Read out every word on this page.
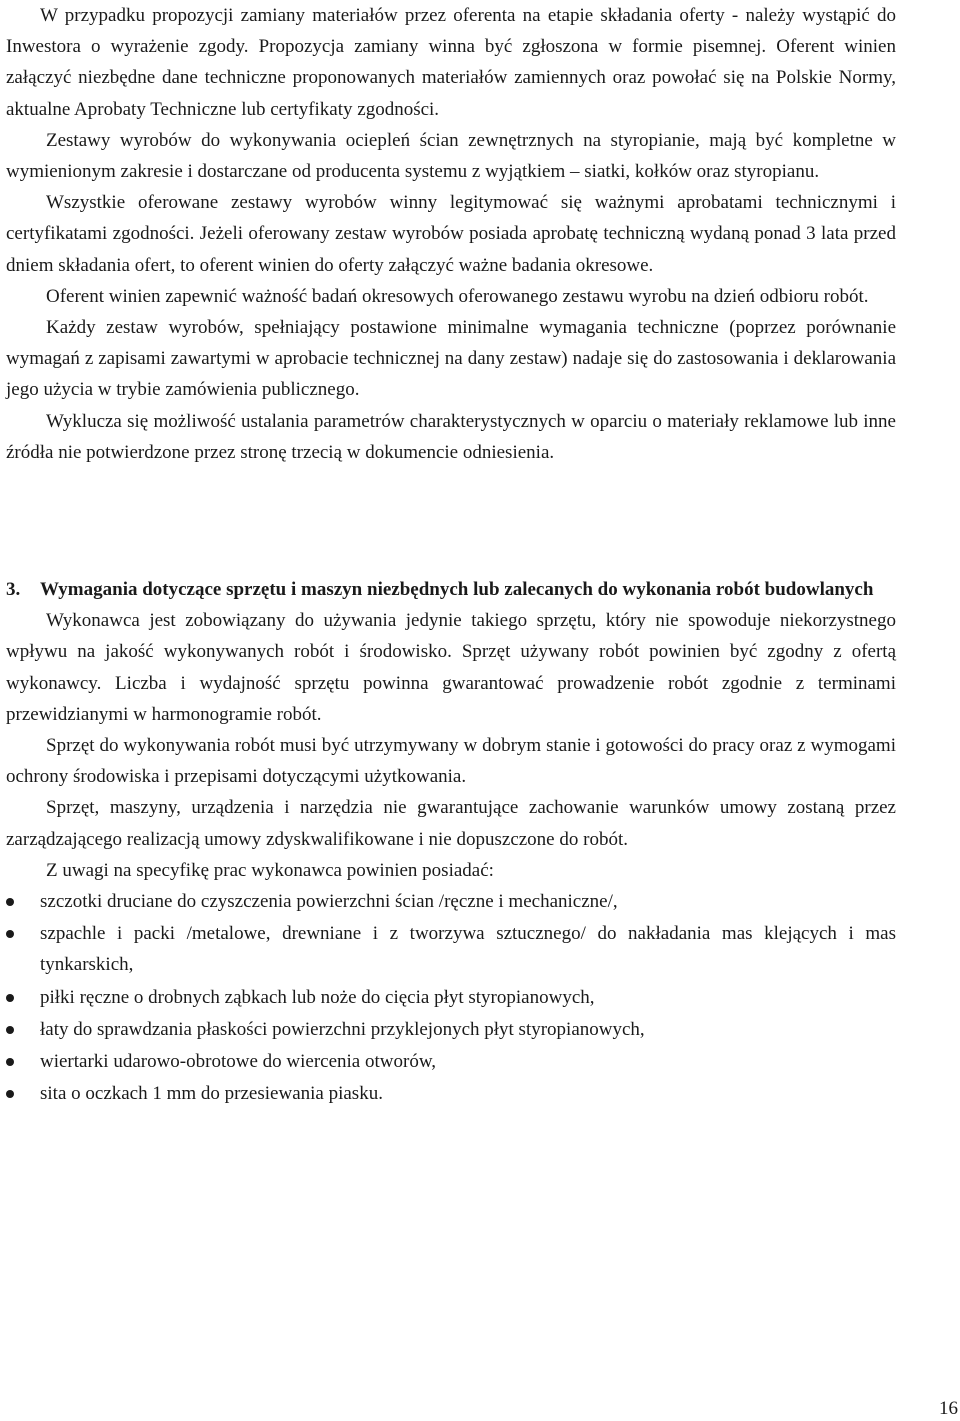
W przypadku propozycji zamiany materiałów przez oferenta na etapie składania oferty - należy wystąpić do Inwestora o wyrażenie zgody. Propozycja zamiany winna być zgłoszona w formie pisemnej. Oferent winien załączyć niezbędne dane techniczne proponowanych materiałów zamiennych oraz powołać się na Polskie Normy, aktualne Aprobaty Techniczne lub certyfikaty zgodności.

Zestawy wyrobów do wykonywania ociepleń ścian zewnętrznych na styropianie, mają być kompletne w wymienionym zakresie i dostarczane od producenta systemu z wyjątkiem – siatki, kołków oraz styropianu.

Wszystkie oferowane zestawy wyrobów winny legitymować się ważnymi aprobatami technicznymi i certyfikatami zgodności. Jeżeli oferowany zestaw wyrobów posiada aprobatę techniczną wydaną ponad 3 lata przed dniem składania ofert, to oferent winien do oferty załączyć ważne badania okresowe.

Oferent winien zapewnić ważność badań okresowych oferowanego zestawu wyrobu na dzień odbioru robót.

Każdy zestaw wyrobów, spełniający postawione minimalne wymagania techniczne (poprzez porównanie wymagań z zapisami zawartymi w aprobacie technicznej na dany zestaw) nadaje się do zastosowania i deklarowania jego użycia w trybie zamówienia publicznego.

Wyklucza się możliwość ustalania parametrów charakterystycznych w oparciu o materiały reklamowe lub inne źródła nie potwierdzone przez stronę trzecią w dokumencie odniesienia.

3.	Wymagania dotyczące sprzętu i maszyn niezbędnych lub zalecanych do wykonania robót budowlanych

Wykonawca jest zobowiązany do używania jedynie takiego sprzętu, który nie spowoduje niekorzystnego wpływu na jakość wykonywanych robót i środowisko. Sprzęt używany robót powinien być zgodny z ofertą wykonawcy. Liczba i wydajność sprzętu powinna gwarantować prowadzenie robót zgodnie z terminami przewidzianymi w harmonogramie robót.

Sprzęt do wykonywania robót musi być utrzymywany w dobrym stanie i gotowości do pracy oraz z wymogami ochrony środowiska i przepisami dotyczącymi użytkowania.

Sprzęt, maszyny, urządzenia i narzędzia nie gwarantujące zachowanie warunków umowy zostaną przez zarządzającego realizacją umowy zdyskwalifikowane i nie dopuszczone do robót.

Z uwagi na specyfikę prac wykonawca powinien posiadać:

szczotki druciane do czyszczenia powierzchni ścian /ręczne i mechaniczne/,
szpachle i packi /metalowe, drewniane i z tworzywa sztucznego/ do nakładania mas klejących i mas tynkarskich,
piłki ręczne o drobnych ząbkach lub noże do cięcia płyt styropianowych,
łaty do sprawdzania płaskości powierzchni przyklejonych płyt styropianowych,
wiertarki udarowo-obrotowe do wiercenia otworów,
sita o oczkach 1 mm do przesiewania piasku.
16
